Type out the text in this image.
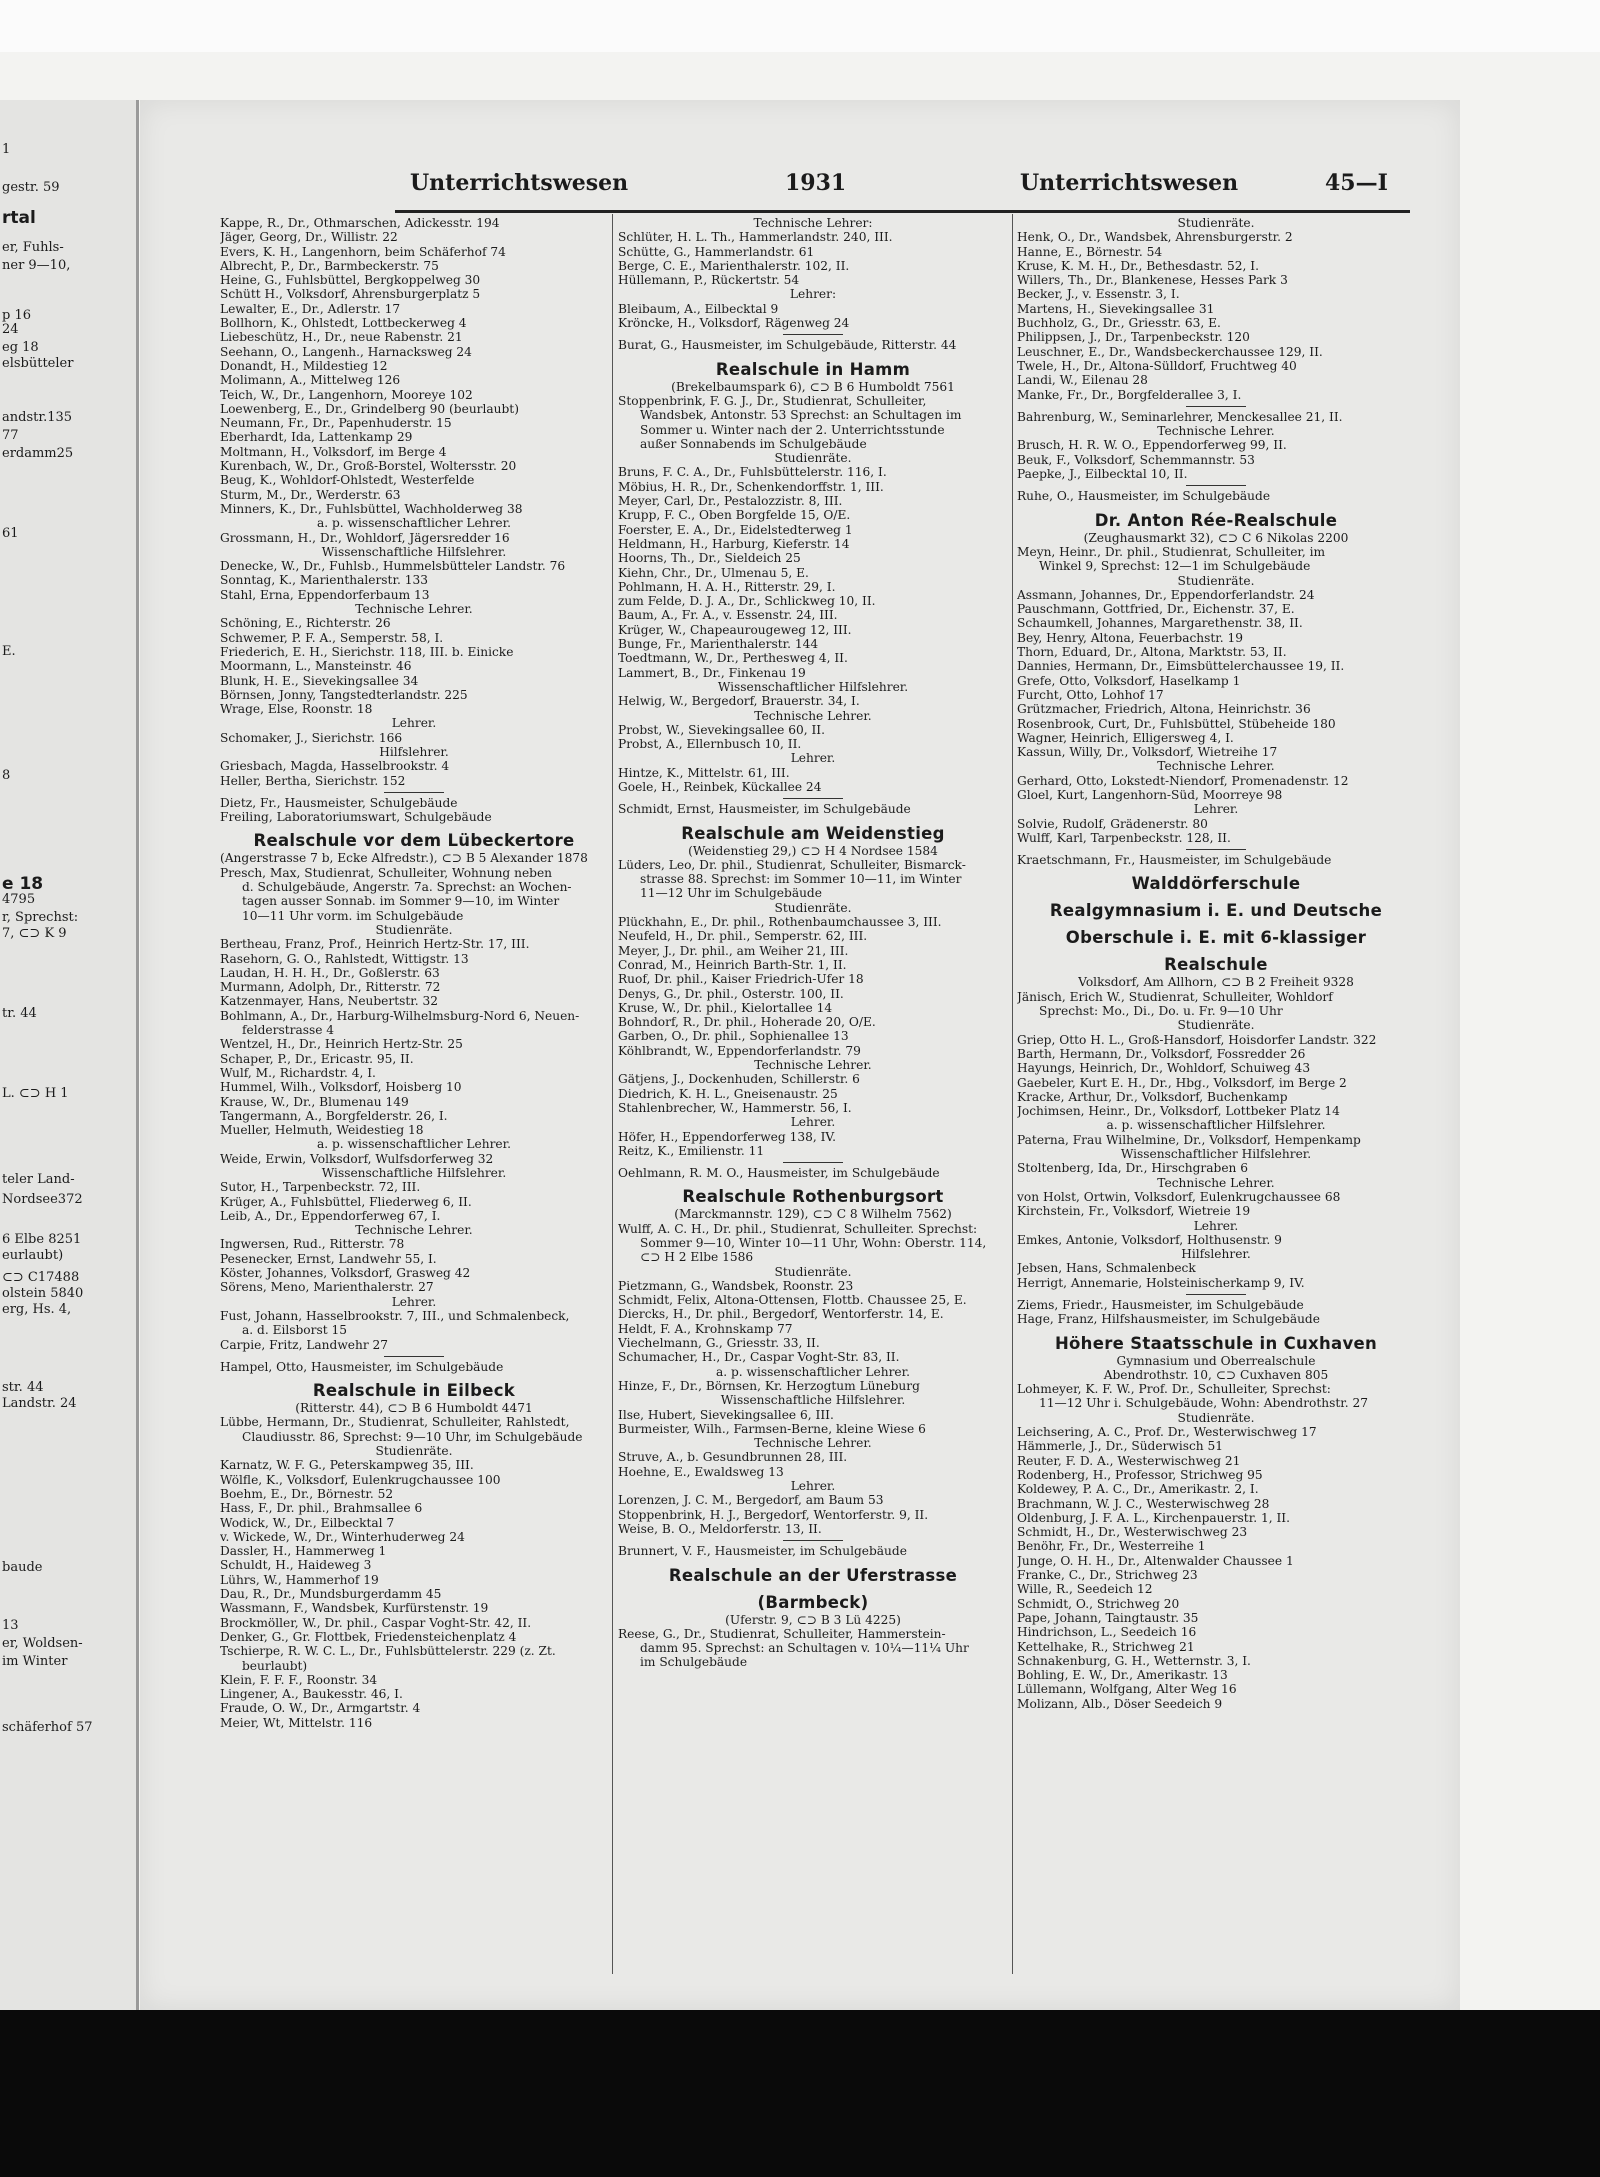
1
gestr. 59
rtal
er, Fuhls-
ner 9—10,
p 16
24
eg 18
elsbütteler
andstr.135
77
erdamm25
61
E.
8
e 18
4795
r, Sprechst:
7, ⊂⊃ K 9
tr. 44
L. ⊂⊃ H 1
teler Land-
Nordsee372
6 Elbe 8251
eurlaubt)
⊂⊃ C17488
olstein 5840
erg, Hs. 4,
str. 44
Landstr. 24
baude
13
er, Woldsen-
im Winter
schäferhof 57
Unterrichtswesen	1931	Unterrichtswesen	45—I
Kappe, R., Dr., Othmarschen, Adickesstr. 194
Jäger, Georg, Dr., Willistr. 22
Evers, K. H., Langenhorn, beim Schäferhof 74
Albrecht, P., Dr., Barmbeckerstr. 75
Heine, G., Fuhlsbüttel, Bergkoppelweg 30
Schütt H., Volksdorf, Ahrensburgerplatz 5
Lewalter, E., Dr., Adlerstr. 17
Bollhorn, K., Ohlstedt, Lottbeckerweg 4
Liebeschütz, H., Dr., neue Rabenstr. 21
Seehann, O., Langenh., Harnacksweg 24
Donandt, H., Mildestieg 12
Molimann, A., Mittelweg 126
Teich, W., Dr., Langenhorn, Mooreye 102
Loewenberg, E., Dr., Grindelberg 90 (beurlaubt)
Neumann, Fr., Dr., Papenhuderstr. 15
Eberhardt, Ida, Lattenkamp 29
Moltmann, H., Volksdorf, im Berge 4
Kurenbach, W., Dr., Groß-Borstel, Woltersstr. 20
Beug, K., Wohldorf-Ohlstedt, Westerfelde
Sturm, M., Dr., Werderstr. 63
Minners, K., Dr., Fuhlsbüttel, Wachholderweg 38
a. p. wissenschaftlicher Lehrer.
Grossmann, H., Dr., Wohldorf, Jägersredder 16
Wissenschaftliche Hilfslehrer.
Denecke, W., Dr., Fuhlsb., Hummelsbütteler Landstr. 76
Sonntag, K., Marienthalerstr. 133
Stahl, Erna, Eppendorferbaum 13
Technische Lehrer.
Schöning, E., Richterstr. 26
Schwemer, P. F. A., Semperstr. 58, I.
Friederich, E. H., Sierichstr. 118, III. b. Einicke
Moormann, L., Mansteinstr. 46
Blunk, H. E., Sievekingsallee 34
Börnsen, Jonny, Tangstedterlandstr. 225
Wrage, Else, Roonstr. 18
Lehrer.
Schomaker, J., Sierichstr. 166
Hilfslehrer.
Griesbach, Magda, Hasselbrookstr. 4
Heller, Bertha, Sierichstr. 152
Dietz, Fr., Hausmeister, Schulgebäude
Freiling, Laboratoriumswart, Schulgebäude
Realschule vor dem Lübeckertore
(Angerstrasse 7 b, Ecke Alfredstr.), ⊂⊃ B 5 Alexander 1878
Presch, Max, Studienrat, Schulleiter, Wohnung neben
d. Schulgebäude, Angerstr. 7a. Sprechst: an Wochen-
tagen ausser Sonnab. im Sommer 9—10, im Winter
10—11 Uhr vorm. im Schulgebäude
Studienräte.
Bertheau, Franz, Prof., Heinrich Hertz-Str. 17, III.
Rasehorn, G. O., Rahlstedt, Wittigstr. 13
Laudan, H. H. H., Dr., Goßlerstr. 63
Murmann, Adolph, Dr., Ritterstr. 72
Katzenmayer, Hans, Neubertstr. 32
Bohlmann, A., Dr., Harburg-Wilhelmsburg-Nord 6, Neuen-
felderstrasse 4
Wentzel, H., Dr., Heinrich Hertz-Str. 25
Schaper, P., Dr., Ericastr. 95, II.
Wulf, M., Richardstr. 4, I.
Hummel, Wilh., Volksdorf, Hoisberg 10
Krause, W., Dr., Blumenau 149
Tangermann, A., Borgfelderstr. 26, I.
Mueller, Helmuth, Weidestieg 18
a. p. wissenschaftlicher Lehrer.
Weide, Erwin, Volksdorf, Wulfsdorferweg 32
Wissenschaftliche Hilfslehrer.
Sutor, H., Tarpenbeckstr. 72, III.
Krüger, A., Fuhlsbüttel, Fliederweg 6, II.
Leib, A., Dr., Eppendorferweg 67, I.
Technische Lehrer.
Ingwersen, Rud., Ritterstr. 78
Pesenecker, Ernst, Landwehr 55, I.
Köster, Johannes, Volksdorf, Grasweg 42
Sörens, Meno, Marienthalerstr. 27
Lehrer.
Fust, Johann, Hasselbrookstr. 7, III., und Schmalenbeck,
a. d. Eilsborst 15
Carpie, Fritz, Landwehr 27
Hampel, Otto, Hausmeister, im Schulgebäude
Realschule in Eilbeck
(Ritterstr. 44), ⊂⊃ B 6 Humboldt 4471
Lübbe, Hermann, Dr., Studienrat, Schulleiter, Rahlstedt,
Claudiusstr. 86, Sprechst: 9—10 Uhr, im Schulgebäude
Studienräte.
Karnatz, W. F. G., Peterskampweg 35, III.
Wölfle, K., Volksdorf, Eulenkrugchaussee 100
Boehm, E., Dr., Börnestr. 52
Hass, F., Dr. phil., Brahmsallee 6
Wodick, W., Dr., Eilbecktal 7
v. Wickede, W., Dr., Winterhuderweg 24
Dassler, H., Hammerweg 1
Schuldt, H., Haideweg 3
Lührs, W., Hammerhof 19
Dau, R., Dr., Mundsburgerdamm 45
Wassmann, F., Wandsbek, Kurfürstenstr. 19
Brockmöller, W., Dr. phil., Caspar Voght-Str. 42, II.
Denker, G., Gr. Flottbek, Friedensteichenplatz 4
Tschierpe, R. W. C. L., Dr., Fuhlsbüttelerstr. 229 (z. Zt.
beurlaubt)
Klein, F. F. F., Roonstr. 34
Lingener, A., Baukesstr. 46, I.
Fraude, O. W., Dr., Armgartstr. 4
Meier, Wt, Mittelstr. 116
Technische Lehrer:
Schlüter, H. L. Th., Hammerlandstr. 240, III.
Schütte, G., Hammerlandstr. 61
Berge, C. E., Marienthalerstr. 102, II.
Hüllemann, P., Rückertstr. 54
Lehrer:
Bleibaum, A., Eilbecktal 9
Kröncke, H., Volksdorf, Rägenweg 24
Burat, G., Hausmeister, im Schulgebäude, Ritterstr. 44
Realschule in Hamm
(Brekelbaumspark 6), ⊂⊃ B 6 Humboldt 7561
Stoppenbrink, F. G. J., Dr., Studienrat, Schulleiter,
Wandsbek, Antonstr. 53 Sprechst: an Schultagen im
Sommer u. Winter nach der 2. Unterrichtsstunde
außer Sonnabends im Schulgebäude
Studienräte.
Bruns, F. C. A., Dr., Fuhlsbüttelerstr. 116, I.
Möbius, H. R., Dr., Schenkendorffstr. 1, III.
Meyer, Carl, Dr., Pestalozzistr. 8, III.
Krupp, F. C., Oben Borgfelde 15, O/E.
Foerster, E. A., Dr., Eidelstedterweg 1
Heldmann, H., Harburg, Kieferstr. 14
Hoorns, Th., Dr., Sieldeich 25
Kiehn, Chr., Dr., Ulmenau 5, E.
Pohlmann, H. A. H., Ritterstr. 29, I.
zum Felde, D. J. A., Dr., Schlickweg 10, II.
Baum, A., Fr. A., v. Essenstr. 24, III.
Krüger, W., Chapeaurougeweg 12, III.
Bunge, Fr., Marienthalerstr. 144
Toedtmann, W., Dr., Perthesweg 4, II.
Lammert, B., Dr., Finkenau 19
Wissenschaftlicher Hilfslehrer.
Helwig, W., Bergedorf, Brauerstr. 34, I.
Technische Lehrer.
Probst, W., Sievekingsallee 60, II.
Probst, A., Ellernbusch 10, II.
Lehrer.
Hintze, K., Mittelstr. 61, III.
Goele, H., Reinbek, Kückallee 24
Schmidt, Ernst, Hausmeister, im Schulgebäude
Realschule am Weidenstieg
(Weidenstieg 29,) ⊂⊃ H 4 Nordsee 1584
Lüders, Leo, Dr. phil., Studienrat, Schulleiter, Bismarck-
strasse 88. Sprechst: im Sommer 10—11, im Winter
11—12 Uhr im Schulgebäude
Studienräte.
Plückhahn, E., Dr. phil., Rothenbaumchaussee 3, III.
Neufeld, H., Dr. phil., Semperstr. 62, III.
Meyer, J., Dr. phil., am Weiher 21, III.
Conrad, M., Heinrich Barth-Str. 1, II.
Ruof, Dr. phil., Kaiser Friedrich-Ufer 18
Denys, G., Dr. phil., Osterstr. 100, II.
Kruse, W., Dr. phil., Kielortallee 14
Bohndorf, R., Dr. phil., Hoherade 20, O/E.
Garben, O., Dr. phil., Sophienallee 13
Köhlbrandt, W., Eppendorferlandstr. 79
Technische Lehrer.
Gätjens, J., Dockenhuden, Schillerstr. 6
Diedrich, K. H. L., Gneisenaustr. 25
Stahlenbrecher, W., Hammerstr. 56, I.
Lehrer.
Höfer, H., Eppendorferweg 138, IV.
Reitz, K., Emilienstr. 11
Oehlmann, R. M. O., Hausmeister, im Schulgebäude
Realschule Rothenburgsort
(Marckmannstr. 129), ⊂⊃ C 8 Wilhelm 7562)
Wulff, A. C. H., Dr. phil., Studienrat, Schulleiter. Sprechst:
Sommer 9—10, Winter 10—11 Uhr, Wohn: Oberstr. 114,
⊂⊃ H 2 Elbe 1586
Studienräte.
Pietzmann, G., Wandsbek, Roonstr. 23
Schmidt, Felix, Altona-Ottensen, Flottb. Chaussee 25, E.
Diercks, H., Dr. phil., Bergedorf, Wentorferstr. 14, E.
Heldt, F. A., Krohnskamp 77
Viechelmann, G., Griesstr. 33, II.
Schumacher, H., Dr., Caspar Voght-Str. 83, II.
a. p. wissenschaftlicher Lehrer.
Hinze, F., Dr., Börnsen, Kr. Herzogtum Lüneburg
Wissenschaftliche Hilfslehrer.
Ilse, Hubert, Sievekingsallee 6, III.
Burmeister, Wilh., Farmsen-Berne, kleine Wiese 6
Technische Lehrer.
Struve, A., b. Gesundbrunnen 28, III.
Hoehne, E., Ewaldsweg 13
Lehrer.
Lorenzen, J. C. M., Bergedorf, am Baum 53
Stoppenbrink, H. J., Bergedorf, Wentorferstr. 9, II.
Weise, B. O., Meldorferstr. 13, II.
Brunnert, V. F., Hausmeister, im Schulgebäude
Realschule an der Uferstrasse
(Barmbeck)
(Uferstr. 9, ⊂⊃ B 3 Lü 4225)
Reese, G., Dr., Studienrat, Schulleiter, Hammerstein-
damm 95. Sprechst: an Schultagen v. 10¼—11¼ Uhr
im Schulgebäude
Studienräte.
Henk, O., Dr., Wandsbek, Ahrensburgerstr. 2
Hanne, E., Börnestr. 54
Kruse, K. M. H., Dr., Bethesdastr. 52, I.
Willers, Th., Dr., Blankenese, Hesses Park 3
Becker, J., v. Essenstr. 3, I.
Martens, H., Sievekingsallee 31
Buchholz, G., Dr., Griesstr. 63, E.
Philippsen, J., Dr., Tarpenbeckstr. 120
Leuschner, E., Dr., Wandsbeckerchaussee 129, II.
Twele, H., Dr., Altona-Sülldorf, Fruchtweg 40
Landi, W., Eilenau 28
Manke, Fr., Dr., Borgfelderallee 3, I.
Bahrenburg, W., Seminarlehrer, Menckesallee 21, II.
Technische Lehrer.
Brusch, H. R. W. O., Eppendorferweg 99, II.
Beuk, F., Volksdorf, Schemmannstr. 53
Paepke, J., Eilbecktal 10, II.
Ruhe, O., Hausmeister, im Schulgebäude
Dr. Anton Rée-Realschule
(Zeughausmarkt 32), ⊂⊃ C 6 Nikolas 2200
Meyn, Heinr., Dr. phil., Studienrat, Schulleiter, im
Winkel 9, Sprechst: 12—1 im Schulgebäude
Studienräte.
Assmann, Johannes, Dr., Eppendorferlandstr. 24
Pauschmann, Gottfried, Dr., Eichenstr. 37, E.
Schaumkell, Johannes, Margarethenstr. 38, II.
Bey, Henry, Altona, Feuerbachstr. 19
Thorn, Eduard, Dr., Altona, Marktstr. 53, II.
Dannies, Hermann, Dr., Eimsbüttelerchaussee 19, II.
Grefe, Otto, Volksdorf, Haselkamp 1
Furcht, Otto, Lohhof 17
Grützmacher, Friedrich, Altona, Heinrichstr. 36
Rosenbrook, Curt, Dr., Fuhlsbüttel, Stübeheide 180
Wagner, Heinrich, Elligersweg 4, I.
Kassun, Willy, Dr., Volksdorf, Wietreihe 17
Technische Lehrer.
Gerhard, Otto, Lokstedt-Niendorf, Promenadenstr. 12
Gloel, Kurt, Langenhorn-Süd, Moorreye 98
Lehrer.
Solvie, Rudolf, Grädenerstr. 80
Wulff, Karl, Tarpenbeckstr. 128, II.
Kraetschmann, Fr., Hausmeister, im Schulgebäude
Walddörferschule
Realgymnasium i. E. und Deutsche
Oberschule i. E. mit 6-klassiger
Realschule
Volksdorf, Am Allhorn, ⊂⊃ B 2 Freiheit 9328
Jänisch, Erich W., Studienrat, Schulleiter, Wohldorf
Sprechst: Mo., Di., Do. u. Fr. 9—10 Uhr
Studienräte.
Griep, Otto H. L., Groß-Hansdorf, Hoisdorfer Landstr. 322
Barth, Hermann, Dr., Volksdorf, Fossredder 26
Hayungs, Heinrich, Dr., Wohldorf, Schuiweg 43
Gaebeler, Kurt E. H., Dr., Hbg., Volksdorf, im Berge 2
Kracke, Arthur, Dr., Volksdorf, Buchenkamp
Jochimsen, Heinr., Dr., Volksdorf, Lottbeker Platz 14
a. p. wissenschaftlicher Hilfslehrer.
Paterna, Frau Wilhelmine, Dr., Volksdorf, Hempenkamp
Wissenschaftlicher Hilfslehrer.
Stoltenberg, Ida, Dr., Hirschgraben 6
Technische Lehrer.
von Holst, Ortwin, Volksdorf, Eulenkrugchaussee 68
Kirchstein, Fr., Volksdorf, Wietreie 19
Lehrer.
Emkes, Antonie, Volksdorf, Holthusenstr. 9
Hilfslehrer.
Jebsen, Hans, Schmalenbeck
Herrigt, Annemarie, Holsteinischerkamp 9, IV.
Ziems, Friedr., Hausmeister, im Schulgebäude
Hage, Franz, Hilfshausmeister, im Schulgebäude
Höhere Staatsschule in Cuxhaven
Gymnasium und Oberrealschule
Abendrothstr. 10, ⊂⊃ Cuxhaven 805
Lohmeyer, K. F. W., Prof. Dr., Schulleiter, Sprechst:
11—12 Uhr i. Schulgebäude, Wohn: Abendrothstr. 27
Studienräte.
Leichsering, A. C., Prof. Dr., Westerwischweg 17
Hämmerle, J., Dr., Süderwisch 51
Reuter, F. D. A., Westerwischweg 21
Rodenberg, H., Professor, Strichweg 95
Koldewey, P. A. C., Dr., Amerikastr. 2, I.
Brachmann, W. J. C., Westerwischweg 28
Oldenburg, J. F. A. L., Kirchenpauerstr. 1, II.
Schmidt, H., Dr., Westerwischweg 23
Benöhr, Fr., Dr., Westerreihe 1
Junge, O. H. H., Dr., Altenwalder Chaussee 1
Franke, C., Dr., Strichweg 23
Wille, R., Seedeich 12
Schmidt, O., Strichweg 20
Pape, Johann, Taingtaustr. 35
Hindrichson, L., Seedeich 16
Kettelhake, R., Strichweg 21
Schnakenburg, G. H., Wetternstr. 3, I.
Bohling, E. W., Dr., Amerikastr. 13
Lüllemann, Wolfgang, Alter Weg 16
Molizann, Alb., Döser Seedeich 9
